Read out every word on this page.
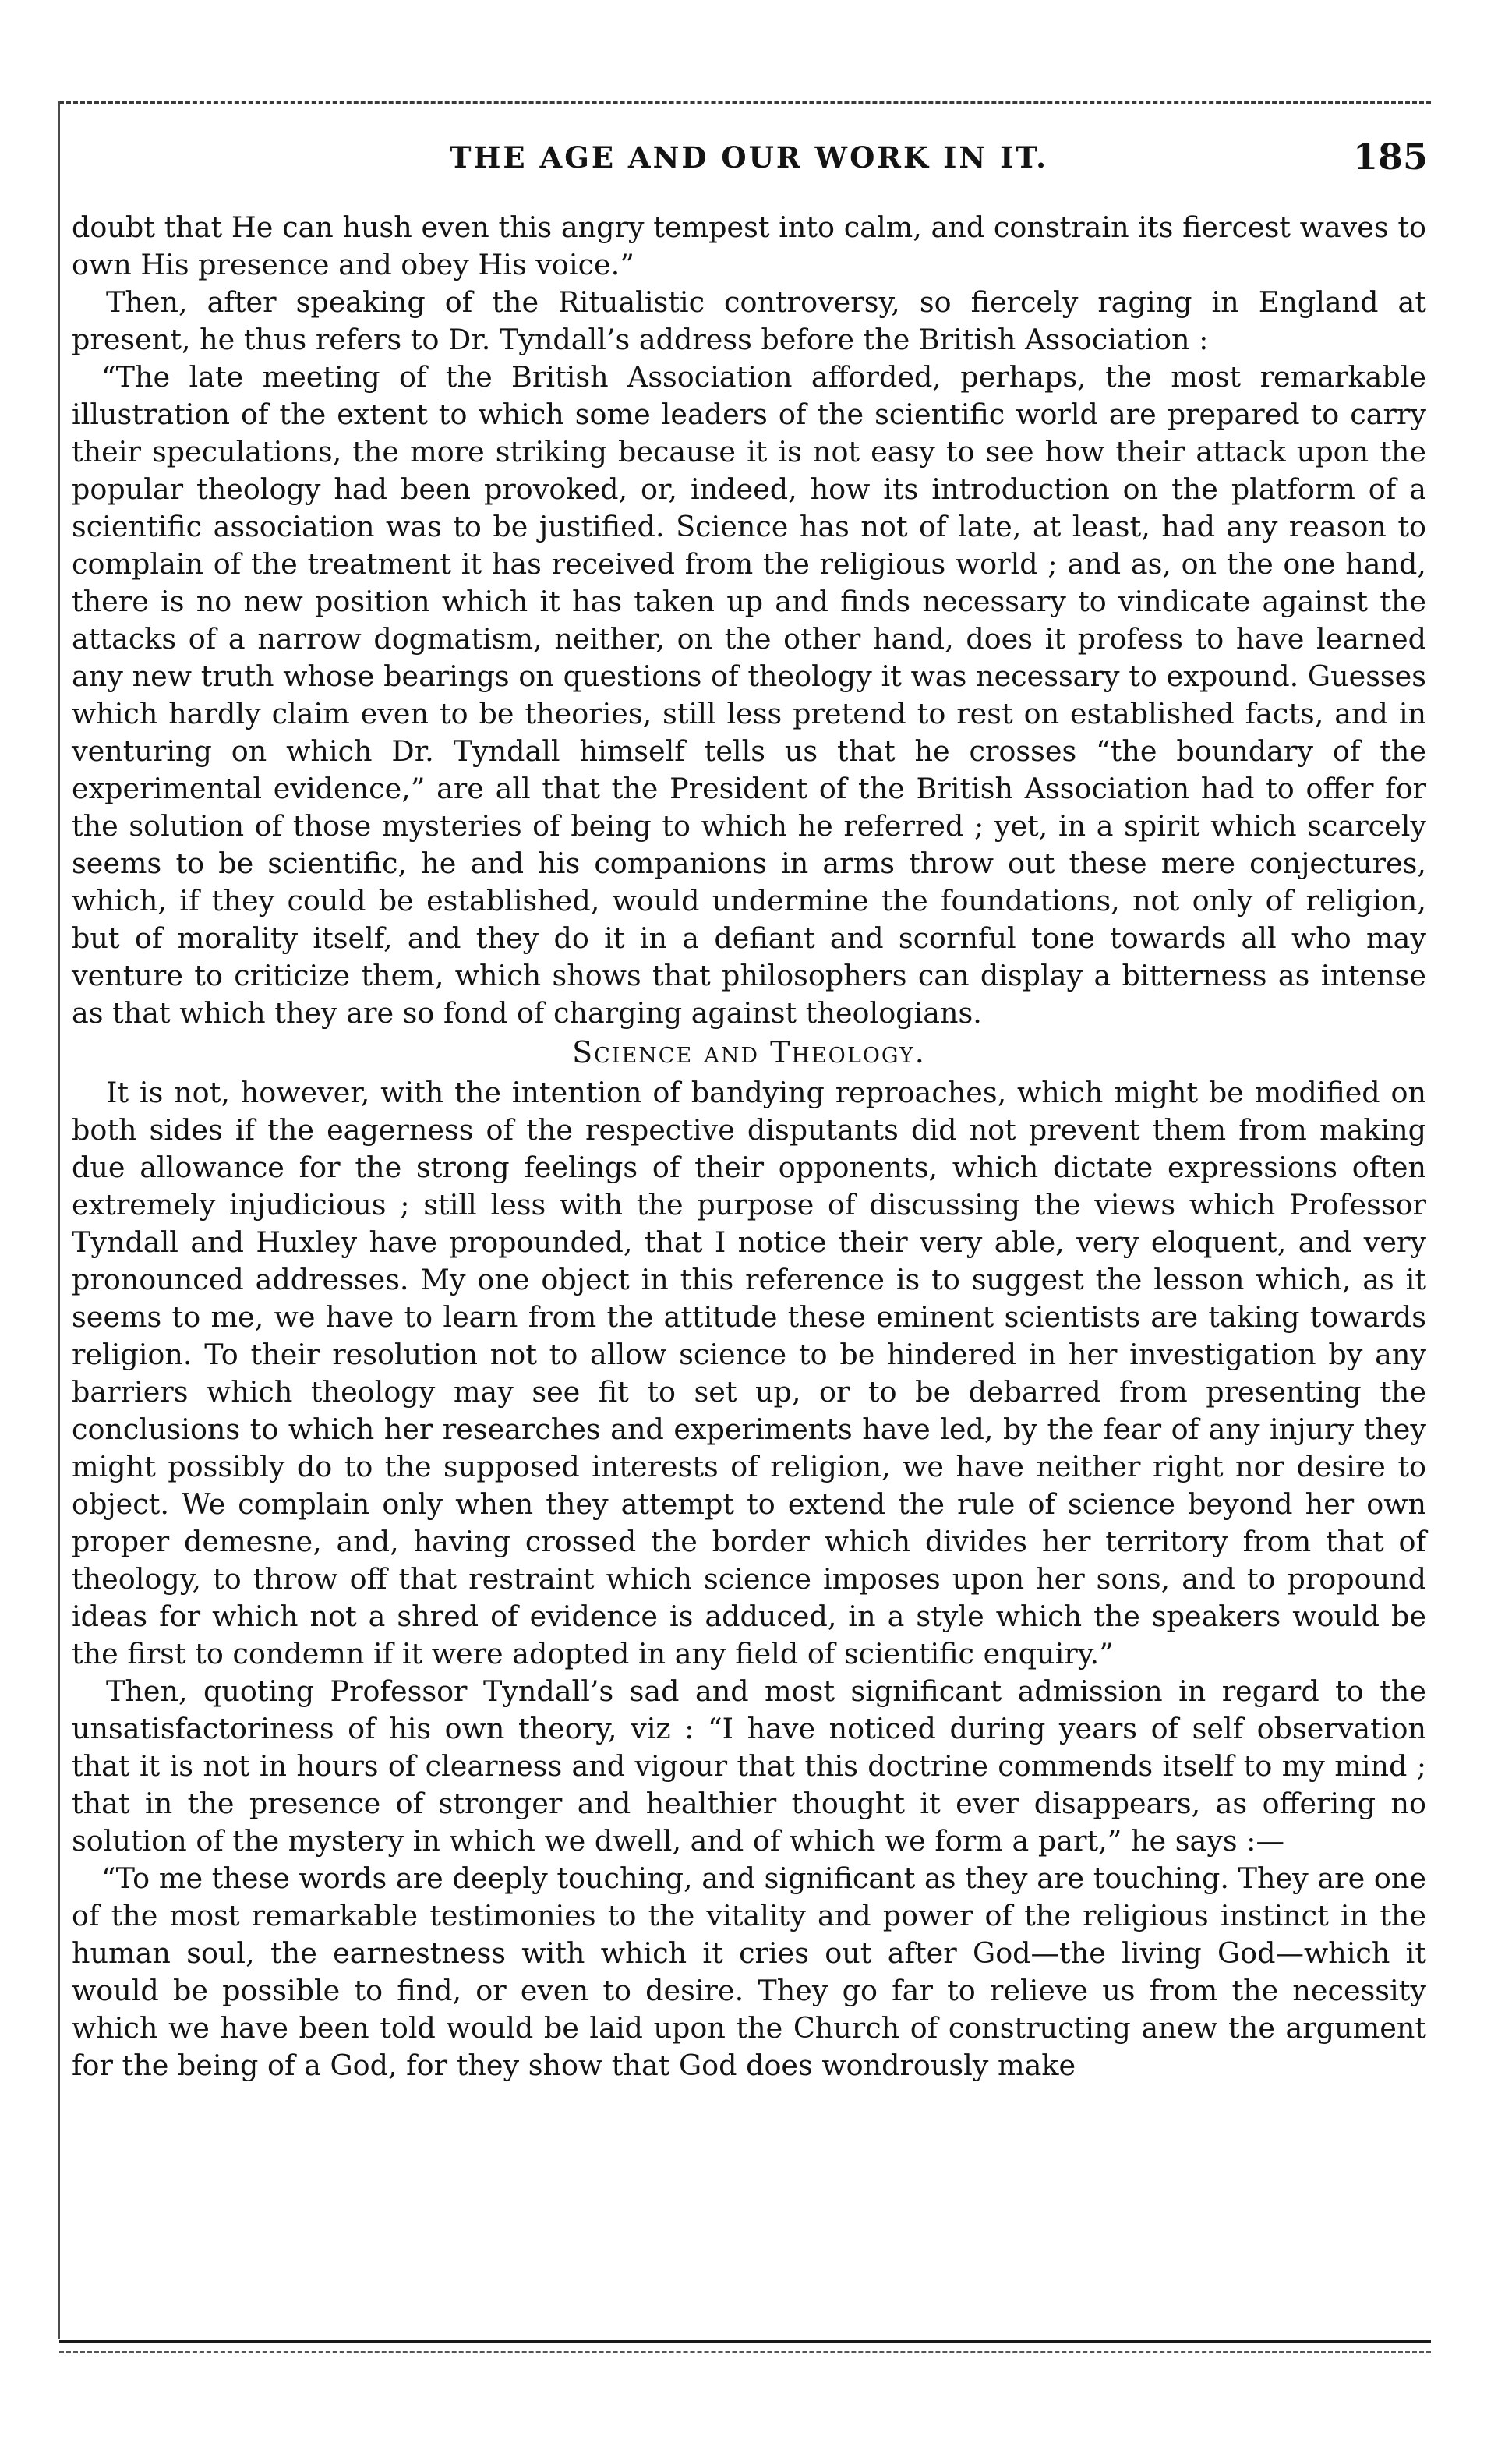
THE AGE AND OUR WORK IN IT.	185

doubt that He can hush even this angry tempest into calm, and constrain its fiercest waves to own His presence and obey His voice.”

Then, after speaking of the Ritualistic controversy, so fiercely raging in England at present, he thus refers to Dr. Tyndall’s address before the British Association :

“The late meeting of the British Association afforded, perhaps, the most remarkable illustration of the extent to which some leaders of the scientific world are prepared to carry their speculations, the more striking because it is not easy to see how their attack upon the popular theology had been provoked, or, indeed, how its introduction on the platform of a scientific association was to be justified. Science has not of late, at least, had any reason to complain of the treatment it has received from the religious world ; and as, on the one hand, there is no new position which it has taken up and finds necessary to vindicate against the attacks of a narrow dogmatism, neither, on the other hand, does it profess to have learned any new truth whose bearings on questions of theology it was necessary to expound. Guesses which hardly claim even to be theories, still less pretend to rest on established facts, and in venturing on which Dr. Tyndall himself tells us that he crosses “the boundary of the experimental evidence,” are all that the President of the British Association had to offer for the solution of those mysteries of being to which he referred ; yet, in a spirit which scarcely seems to be scientific, he and his companions in arms throw out these mere conjectures, which, if they could be established, would undermine the foundations, not only of religion, but of morality itself, and they do it in a defiant and scornful tone towards all who may venture to criticize them, which shows that philosophers can display a bitterness as intense as that which they are so fond of charging against theologians.

Science and Theology.

It is not, however, with the intention of bandying reproaches, which might be modified on both sides if the eagerness of the respective disputants did not prevent them from making due allowance for the strong feelings of their opponents, which dictate expressions often extremely injudicious ; still less with the purpose of discussing the views which Professor Tyndall and Huxley have propounded, that I notice their very able, very eloquent, and very pronounced addresses. My one object in this reference is to suggest the lesson which, as it seems to me, we have to learn from the attitude these eminent scientists are taking towards religion. To their resolution not to allow science to be hindered in her investigation by any barriers which theology may see fit to set up, or to be debarred from presenting the conclusions to which her researches and experiments have led, by the fear of any injury they might possibly do to the supposed interests of religion, we have neither right nor desire to object. We complain only when they attempt to extend the rule of science beyond her own proper demesne, and, having crossed the border which divides her territory from that of theology, to throw off that restraint which science imposes upon her sons, and to propound ideas for which not a shred of evidence is adduced, in a style which the speakers would be the first to condemn if it were adopted in any field of scientific enquiry.”

Then, quoting Professor Tyndall’s sad and most significant admission in regard to the unsatisfactoriness of his own theory, viz : “I have noticed during years of self observation that it is not in hours of clearness and vigour that this doctrine commends itself to my mind ; that in the presence of stronger and healthier thought it ever disappears, as offering no solution of the mystery in which we dwell, and of which we form a part,” he says :—

“To me these words are deeply touching, and significant as they are touching. They are one of the most remarkable testimonies to the vitality and power of the religious instinct in the human soul, the earnestness with which it cries out after God—the living God—which it would be possible to find, or even to desire. They go far to relieve us from the necessity which we have been told would be laid upon the Church of constructing anew the argument for the being of a God, for they show that God does wondrously make
